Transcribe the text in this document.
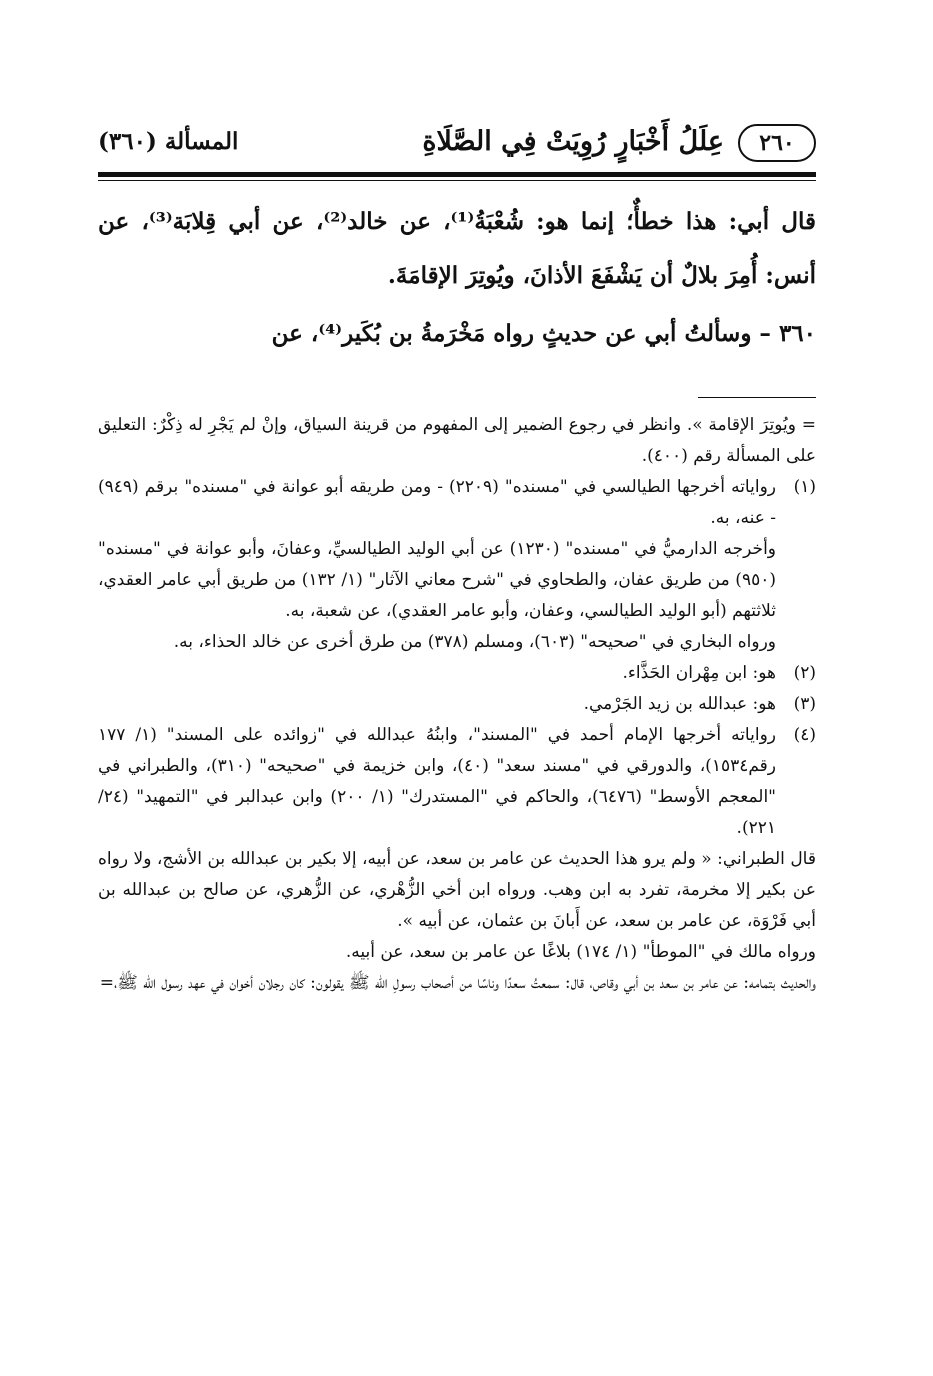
٢٦٠
عِلَلُ أَخْبَارٍ رُوِيَتْ فِي الصَّلَاةِ
المسألة (٣٦٠)

قال أبي: هذا خطأٌ؛ إنما هو: شُعْبَةُ⁽¹⁾، عن خالد⁽²⁾، عن أبي قِلابَة⁽³⁾، عن أنس: أُمِرَ بلالٌ أن يَشْفَعَ الأذانَ، ويُوتِرَ الإقامَةَ.

٣٦٠ – وسألتُ أبي عن حديثٍ رواه مَخْرَمةُ بن بُكَير⁽⁴⁾، عن

= ويُوتِرَ الإقامة ». وانظر في رجوع الضمير إلى المفهوم من قرينة السياق، وإنْ لم يَجْرِ له ذِكْرٌ: التعليق على المسألة رقم (٤٠٠).

(١)

رواياته أخرجها الطيالسي في "مسنده" (٢٢٠٩) - ومن طريقه أبو عوانة في "مسنده" برقم (٩٤٩) - عنه، به.

وأخرجه الدارميُّ في "مسنده" (١٢٣٠) عن أبي الوليد الطيالسيِّ، وعفانَ، وأبو عوانة في "مسنده" (٩٥٠) من طريق عفان، والطحاوي في "شرح معاني الآثار" (١/ ١٣٢) من طريق أبي عامر العقدي، ثلاثتهم (أبو الوليد الطيالسي، وعفان، وأبو عامر العقدي)، عن شعبة، به.

ورواه البخاري في "صحيحه" (٦٠٣)، ومسلم (٣٧٨) من طرق أخرى عن خالد الحذاء، به.

(٢)
هو: ابن مِهْران الحَذَّاء.
(٣)
هو: عبدالله بن زيد الجَرْمي.
(٤)

رواياته أخرجها الإمام أحمد في "المسند"، وابنُهُ عبدالله في "زوائده على المسند" (١/ ١٧٧ رقم١٥٣٤)، والدورقي في "مسند سعد" (٤٠)، وابن خزيمة في "صحيحه" (٣١٠)، والطبراني في "المعجم الأوسط" (٦٤٧٦)، والحاكم في "المستدرك" (١/ ٢٠٠) وابن عبدالبر في "التمهيد" (٢٤/ ٢٢١).

قال الطبراني: « ولم يرو هذا الحديث عن عامر بن سعد، عن أبيه، إلا بكير بن عبدالله بن الأشج، ولا رواه عن بكير إلا مخرمة، تفرد به ابن وهب. ورواه ابن أخي الزُّهْري، عن الزُّهري، عن صالح بن عبدالله بن أبي فَرْوَة، عن عامر بن سعد، عن أَبانَ بن عثمان، عن أبيه ».

ورواه مالك في "الموطأ" (١/ ١٧٤) بلاغًا عن عامر بن سعد، عن أبيه.

والحديث بتمامه: عن عامر بن سعد بن أبي وقاص، قال: سمعتُ سعدًا وناسًا من أصحاب رسولِ الله ﷺ يقولون: كان رجلان أخوان في عهد رسول الله ﷺ،=
